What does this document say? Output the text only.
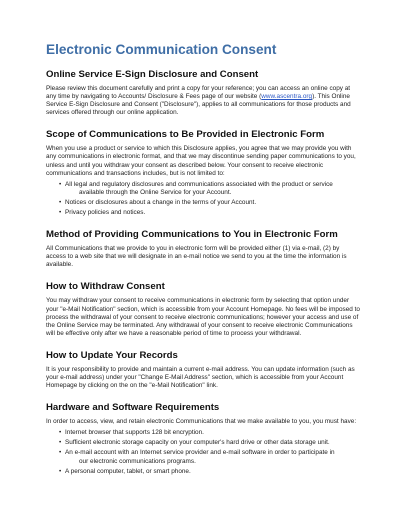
Electronic Communication Consent
Online Service E-Sign Disclosure and Consent

Please review this document carefully and print a copy for your reference; you can access an online copy at any time by navigating to Accounts/ Disclosure & Fees page of our website (www.ascentra.org). This Online Service E-Sign Disclosure and Consent ("Disclosure"), applies to all communications for those products and services offered through our online application.

Scope of Communications to Be Provided in Electronic Form

When you use a product or service to which this Disclosure applies, you agree that we may provide you with any communications in electronic format, and that we may discontinue sending paper communications to you, unless and until you withdraw your consent as described below. Your consent to receive electronic communications and transactions includes, but is not limited to:

• All legal and regulatory disclosures and communications associated with the product or service
available through the Online Service for your Account.
• Notices or disclosures about a change in the terms of your Account.
• Privacy policies and notices.
Method of Providing Communications to You in Electronic Form

All Communications that we provide to you in electronic form will be provided either (1) via e-mail, (2) by access to a web site that we will designate in an e-mail notice we send to you at the time the information is available.

How to Withdraw Consent

You may withdraw your consent to receive communications in electronic form by selecting that option under your "e-Mail Notification" section, which is accessible from your Account Homepage. No fees will be imposed to process the withdrawal of your consent to receive electronic communications; however your access and use of the Online Service may be terminated. Any withdrawal of your consent to receive electronic Communications will be effective only after we have a reasonable period of time to process your withdrawal.

How to Update Your Records

It is your responsibility to provide and maintain a current e-mail address. You can update information (such as your e-mail address) under your "Change E-Mail Address" section, which is accessible from your Account Homepage by clicking on the on the "e-Mail Notification" link.

Hardware and Software Requirements

In order to access, view, and retain electronic Communications that we make available to you, you must have:

• Internet browser that supports 128 bit encryption.
• Sufficient electronic storage capacity on your computer's hard drive or other data storage unit.
• An e-mail account with an Internet service provider and e-mail software in order to participate in
our electronic communications programs.
• A personal computer, tablet, or smart phone.
